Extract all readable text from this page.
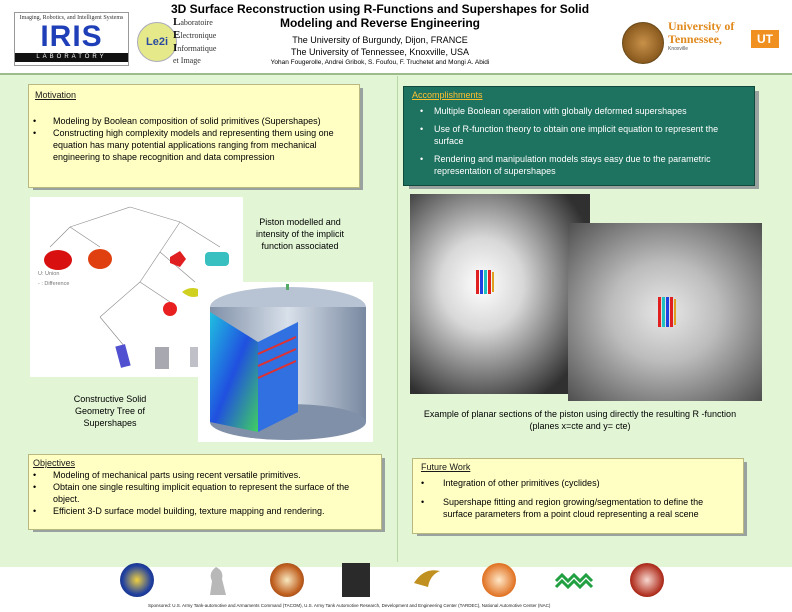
Imaging, Robotics, and Intelligent Systems
IRIS
LABORATORY
Le2i
Laboratoire
Electronique
Informatique
et Image
3D Surface Reconstruction using R-Functions and Supershapes for Solid Modeling and Reverse Engineering
The University of Burgundy, Dijon, FRANCE
The University of Tennessee, Knoxville, USA
Yohan Fougerolle, Andrei Gribok, S. Foufou, F. Truchetet and Mongi A. Abidi
University of
Tennessee,
Knoxville
UT
Motivation
• Modeling by Boolean composition of solid primitives (Supershapes)
• Constructing high complexity models and representing them using one equation has many potential applications ranging from mechanical engineering to shape recognition and data compression
Accomplishments
• Multiple Boolean operation with globally deformed supershapes
• Use of R-function theory to obtain one implicit equation to represent the surface
• Rendering and manipulation models stays easy due to the parametric representation of supershapes
U: Union
- : Difference
Piston modelled and intensity of the implicit function associated
Constructive Solid Geometry Tree of Supershapes
Example of planar sections of the piston using directly the resulting R -function (planes x=cte and y= cte)
Objectives
• Modeling of mechanical parts using recent versatile primitives.
• Obtain one single resulting implicit equation to represent the surface of the object.
• Efficient 3-D surface model building, texture mapping and rendering.
Future Work
• Integration of other primitives (cyclides)
• Supershape fitting and region growing/segmentation to define the surface parameters from a point cloud representing a real scene
Sponsored: U.S. Army Tank-automotive and Armaments Command (TACOM), U.S. Army Tank Automotive Research, Development and Engineering Center (TARDEC), National Automotive Center (NAC)
